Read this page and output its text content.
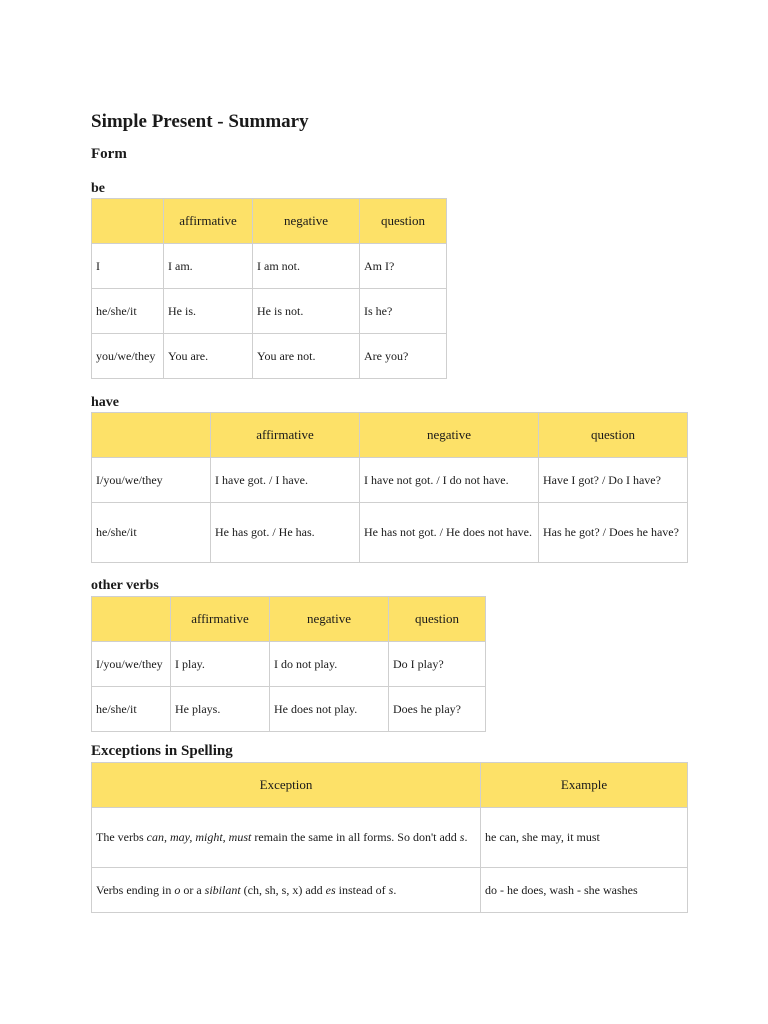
Simple Present - Summary

Form

be

	affirmative	negative	question
I	I am.	I am not.	Am I?
he/she/it	He is.	He is not.	Is he?
you/we/they	You are.	You are not.	Are you?

have

	affirmative	negative	question
I/you/we/they	I have got. / I have.	I have not got. / I do not have.	Have I got? / Do I have?
he/she/it	He has got. / He has.	He has not got. / He does not have.	Has he got? / Does he have?

other verbs

	affirmative	negative	question
I/you/we/they	I play.	I do not play.	Do I play?
he/she/it	He plays.	He does not play.	Does he play?

Exceptions in Spelling

Exception	Example
The verbs can, may, might, must remain the same in all forms. So don't add s.	he can, she may, it must
Verbs ending in o or a sibilant (ch, sh, s, x) add es instead of s.	do - he does, wash - she washes
